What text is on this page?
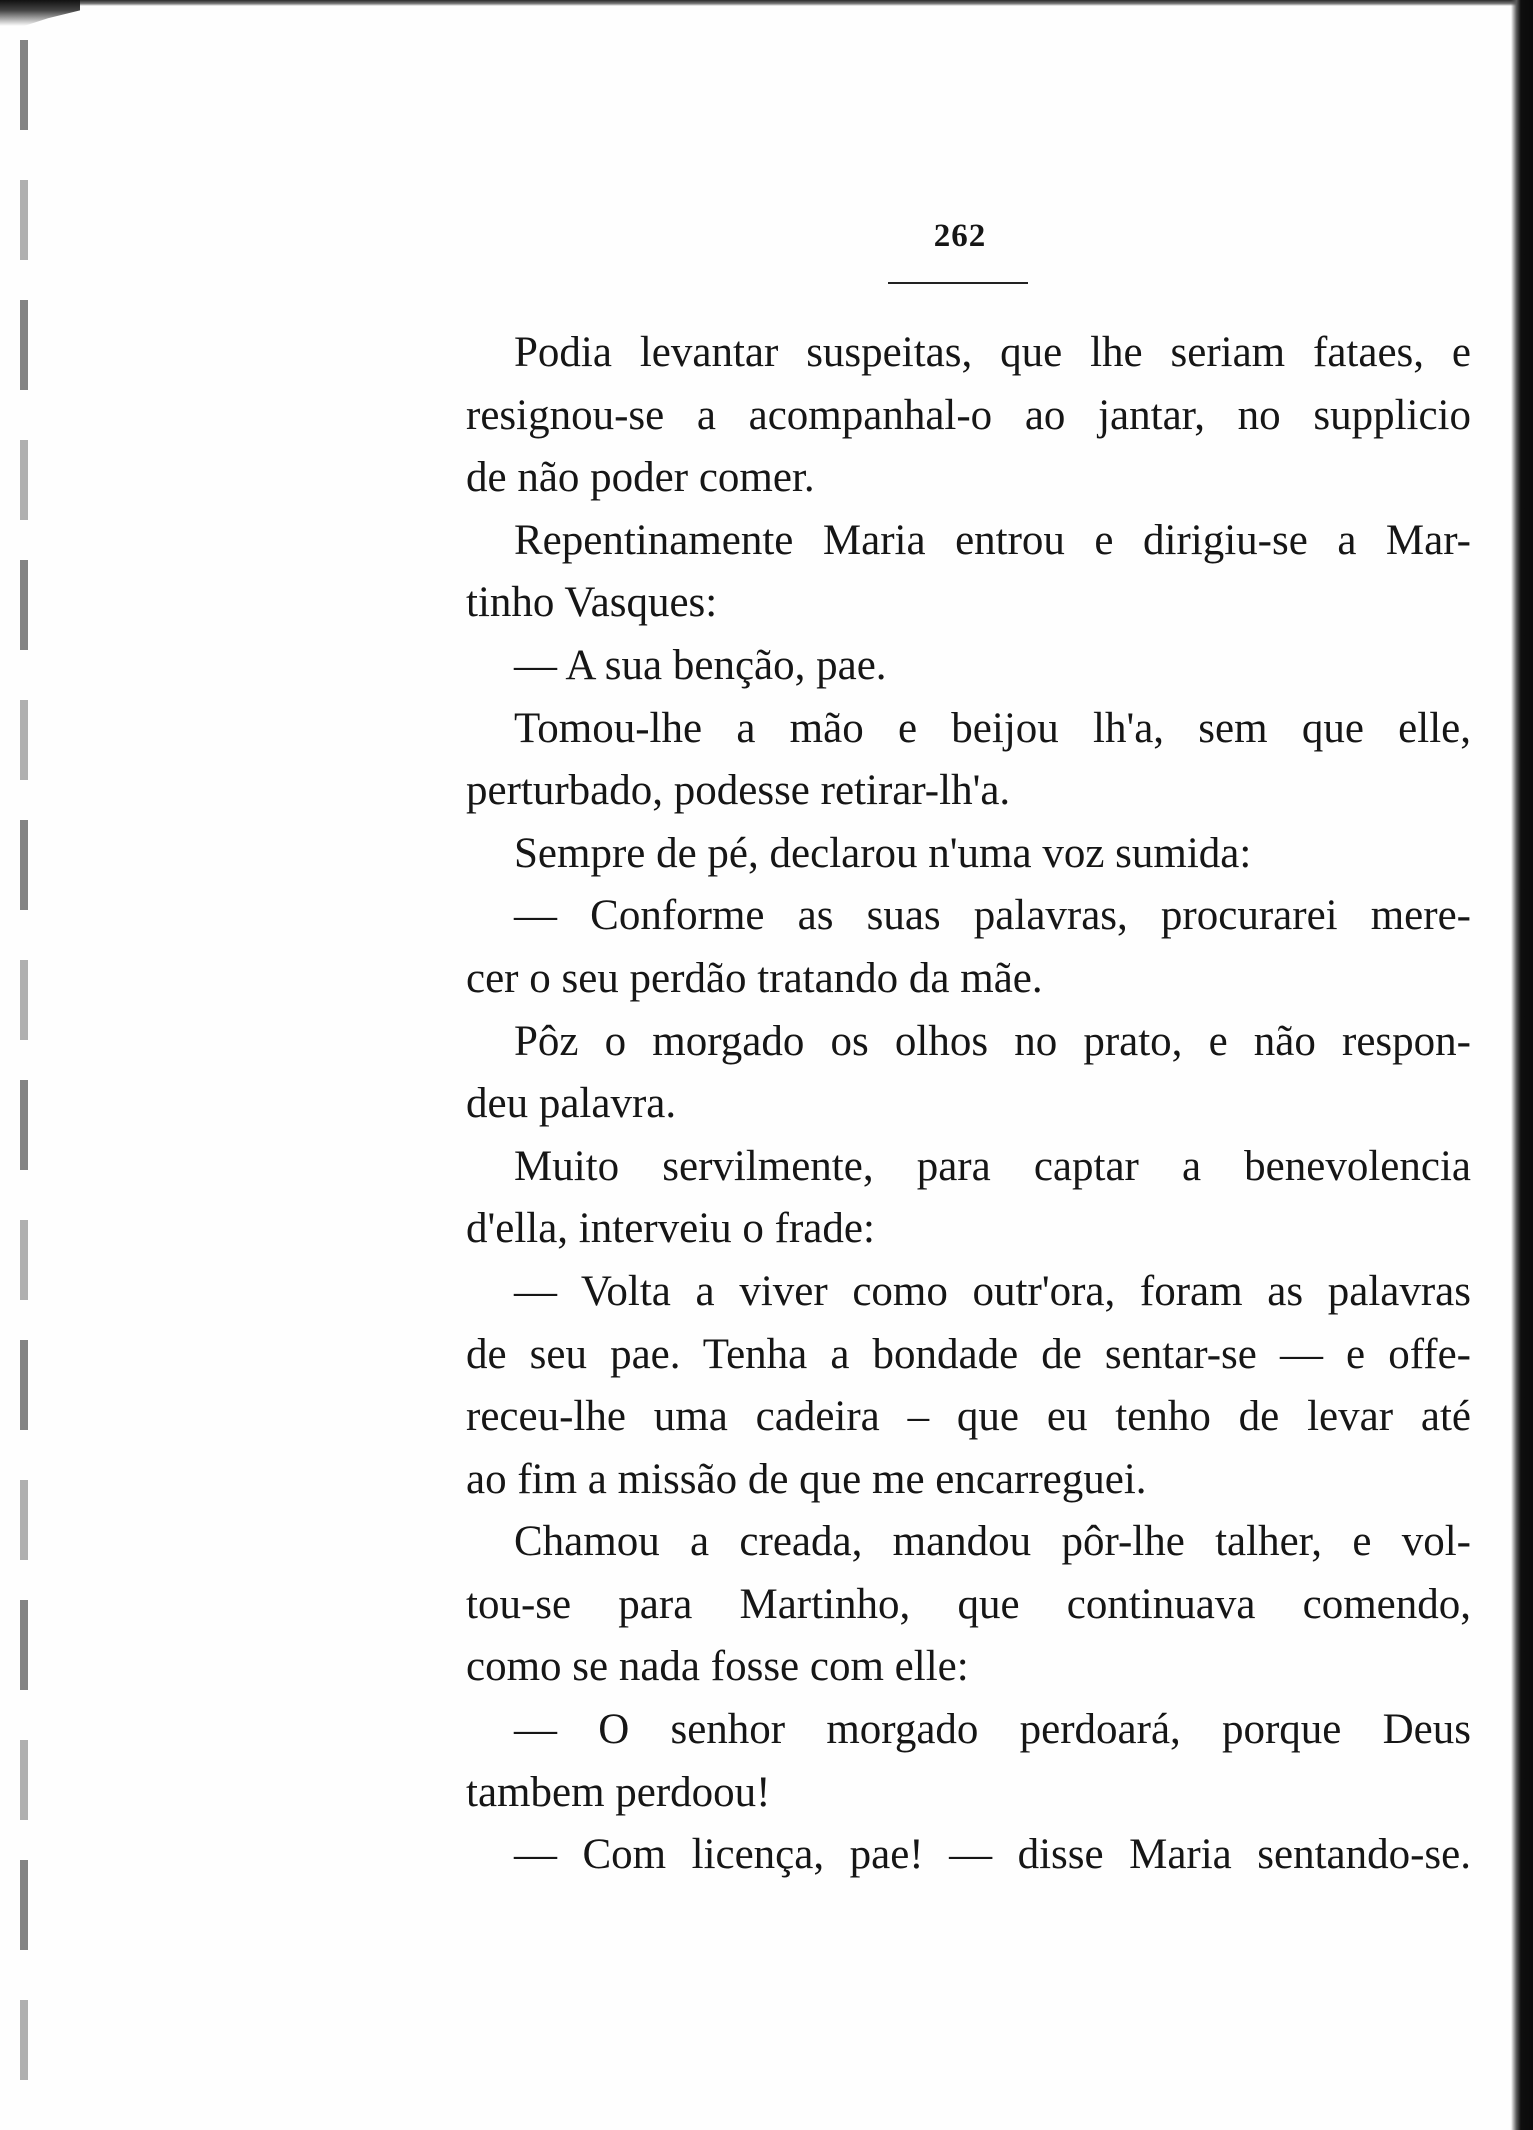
262
Podia levantar suspeitas, que lhe seriam fataes, e
resignou-se a acompanhal-o ao jantar, no supplicio
de não poder comer.
Repentinamente Maria entrou e dirigiu-se a Mar-
tinho Vasques:
— A sua benção, pae.
Tomou-lhe a mão e beijou lh'a, sem que elle,
perturbado, podesse retirar-lh'a.
Sempre de pé, declarou n'uma voz sumida:
— Conforme as suas palavras, procurarei mere-
cer o seu perdão tratando da mãe.
Pôz o morgado os olhos no prato, e não respon-
deu palavra.
Muito servilmente, para captar a benevolencia
d'ella, interveiu o frade:
— Volta a viver como outr'ora, foram as palavras
de seu pae. Tenha a bondade de sentar-se — e offe-
receu-lhe uma cadeira – que eu tenho de levar até
ao fim a missão de que me encarreguei.
Chamou a creada, mandou pôr-lhe talher, e vol-
tou-se para Martinho, que continuava comendo,
como se nada fosse com elle:
— O senhor morgado perdoará, porque Deus
tambem perdoou!
— Com licença, pae! — disse Maria sentando-se.
